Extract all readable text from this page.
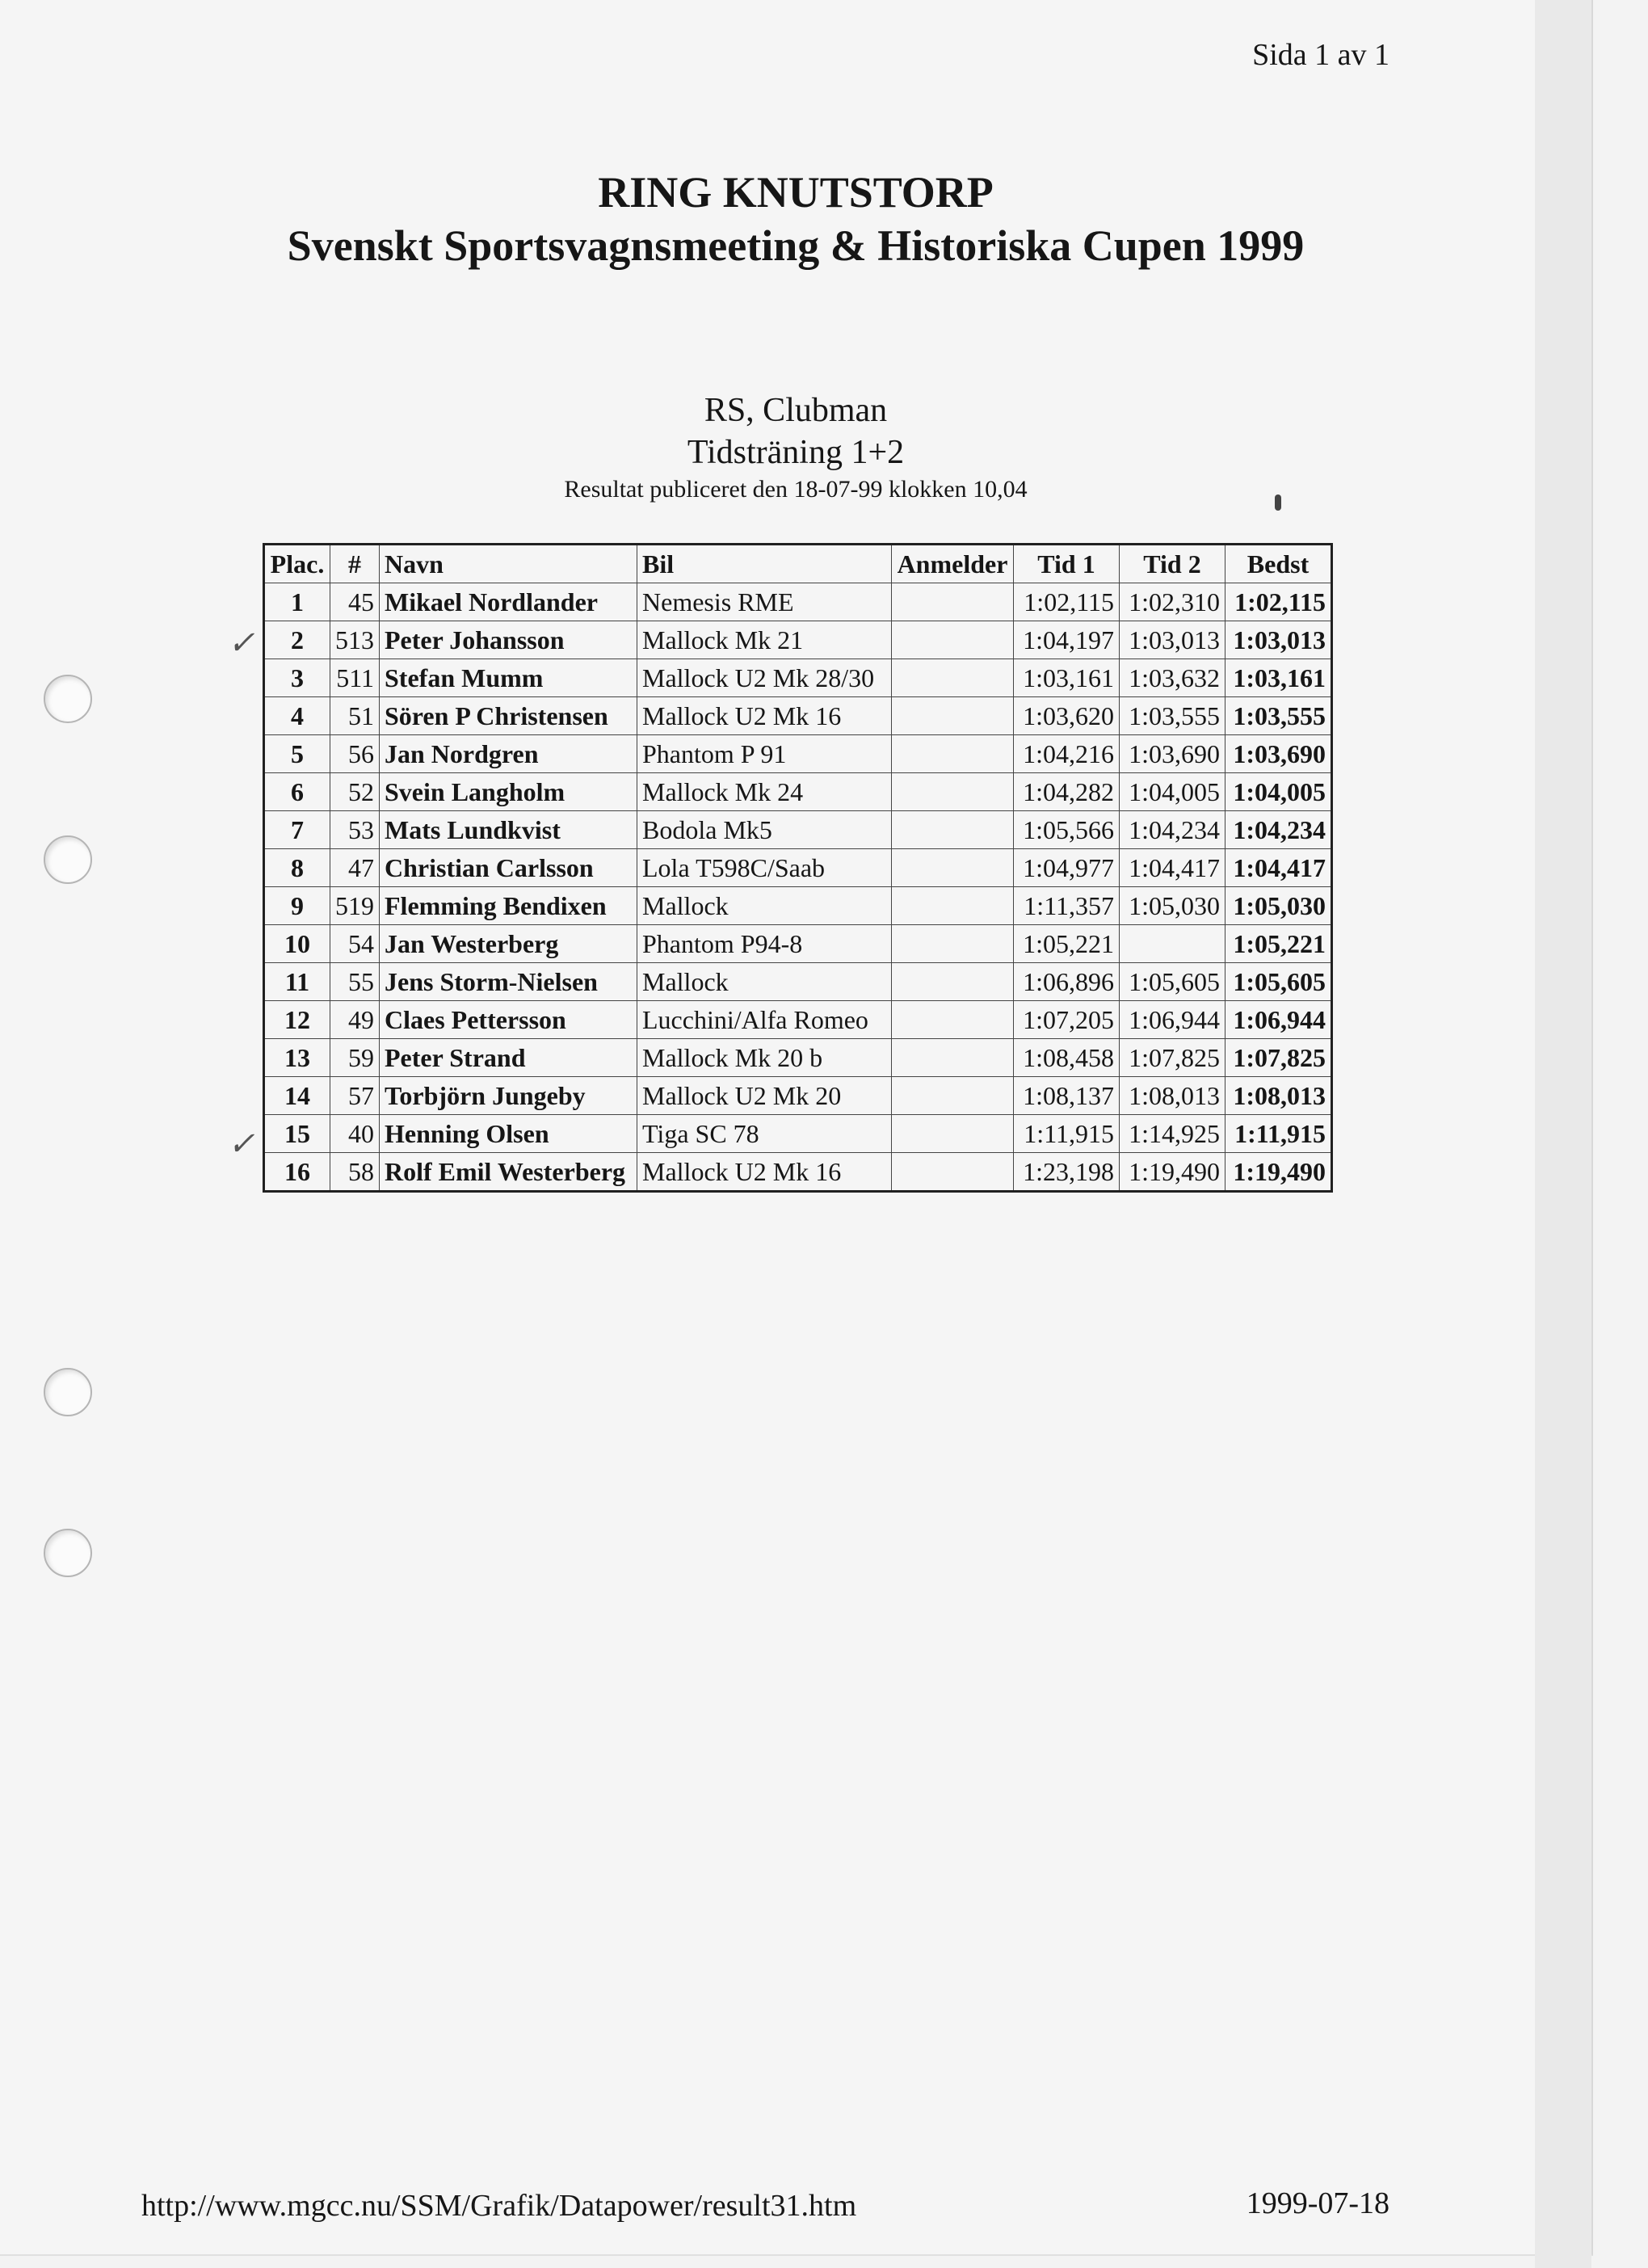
Sida 1 av 1
RING KNUTSTORP
Svenskt Sportsvagnsmeeting & Historiska Cupen 1999
RS, Clubman
Tidsträning 1+2
Resultat publiceret den 18-07-99 klokken 10,04
Plac.	#	Navn	Bil	Anmelder	Tid 1	Tid 2	Bedst
1	45	Mikael Nordlander	Nemesis RME		1:02,115	1:02,310	1:02,115
2	513	Peter Johansson	Mallock Mk 21		1:04,197	1:03,013	1:03,013
3	511	Stefan Mumm	Mallock U2 Mk 28/30		1:03,161	1:03,632	1:03,161
4	51	Sören P Christensen	Mallock U2 Mk 16		1:03,620	1:03,555	1:03,555
5	56	Jan Nordgren	Phantom P 91		1:04,216	1:03,690	1:03,690
6	52	Svein Langholm	Mallock Mk 24		1:04,282	1:04,005	1:04,005
7	53	Mats Lundkvist	Bodola Mk5		1:05,566	1:04,234	1:04,234
8	47	Christian Carlsson	Lola T598C/Saab		1:04,977	1:04,417	1:04,417
9	519	Flemming Bendixen	Mallock		1:11,357	1:05,030	1:05,030
10	54	Jan Westerberg	Phantom P94-8		1:05,221		1:05,221
11	55	Jens Storm-Nielsen	Mallock		1:06,896	1:05,605	1:05,605
12	49	Claes Pettersson	Lucchini/Alfa Romeo		1:07,205	1:06,944	1:06,944
13	59	Peter Strand	Mallock Mk 20 b		1:08,458	1:07,825	1:07,825
14	57	Torbjörn Jungeby	Mallock U2 Mk 20		1:08,137	1:08,013	1:08,013
15	40	Henning Olsen	Tiga SC 78		1:11,915	1:14,925	1:11,915
16	58	Rolf Emil Westerberg	Mallock U2 Mk 16		1:23,198	1:19,490	1:19,490
✓
✓
http://www.mgcc.nu/SSM/Grafik/Datapower/result31.htm	1999-07-18
